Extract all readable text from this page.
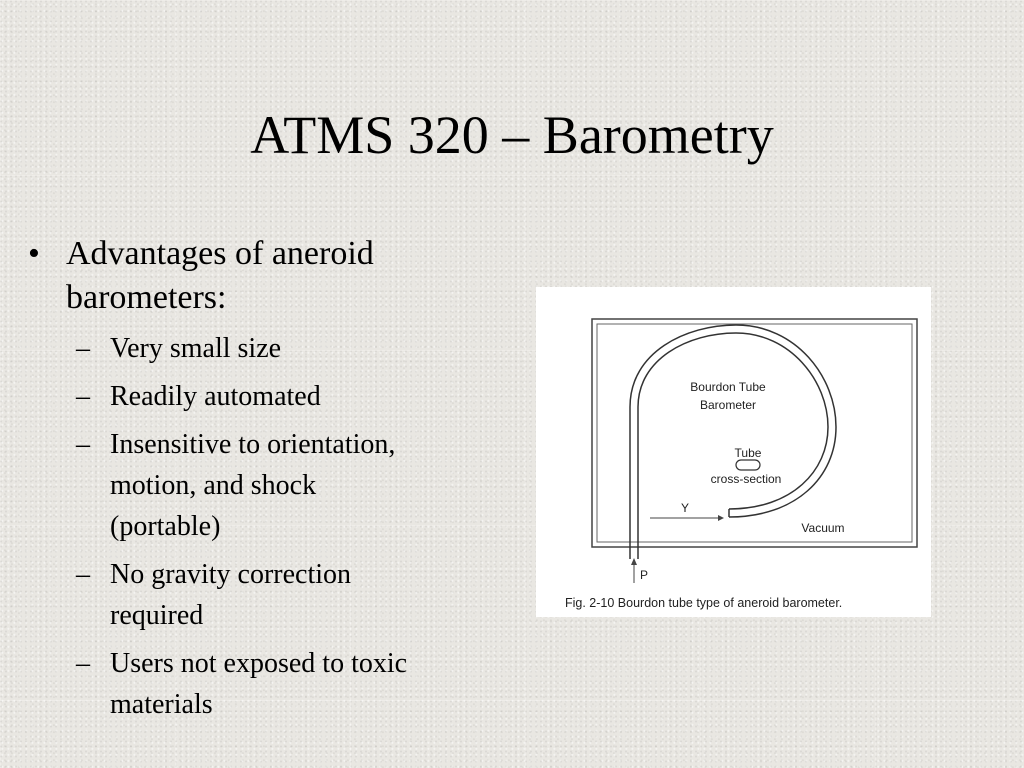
ATMS 320 – Barometry
• Advantages of aneroid barometers:
– Very small size
– Readily automated
– Insensitive to orientation, motion, and shock (portable)
– No gravity correction required
– Users not exposed to toxic materials
Bourdon Tube
Barometer
Tube
cross-section
Y
Vacuum
P
Fig. 2-10 Bourdon tube type of aneroid barometer.
